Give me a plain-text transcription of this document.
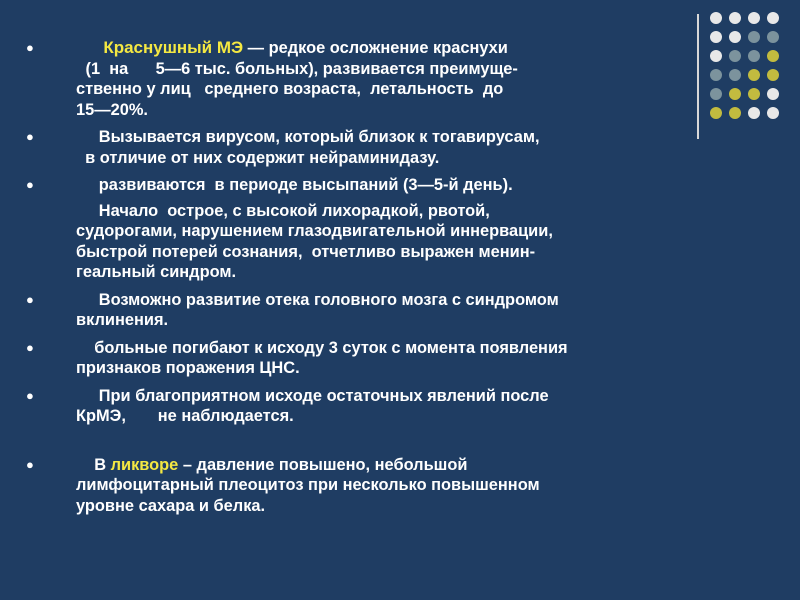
●	Краснушный МЭ — редкое осложнение краснухи
(1  на      5—6 тыс. больных), развивается преимуще-
ственно у лиц   среднего возраста,  летальность  до
15—20%.
●	Вызывается вирусом, который близок к тогавирусам,
в отличие от них содержит нейраминидазу.
●	развиваются  в периоде высыпаний (3—5-й день).
Начало  острое, с высокой лихорадкой, рвотой,
судорогами, нарушением глазодвигательной иннервации,
быстрой потерей сознания,  отчетливо выражен менин-
геальный синдром.
●	Возможно развитие отека головного мозга с синдромом
вклинения.
●	больные погибают к исходу 3 суток с момента появления
признаков поражения ЦНС.
●	При благоприятном исходе остаточных явлений после
КрМЭ,       не наблюдается.
●	В ликворе – давление повышено, небольшой
лимфоцитарный плеоцитоз при несколько повышенном
уровне сахара и белка.
